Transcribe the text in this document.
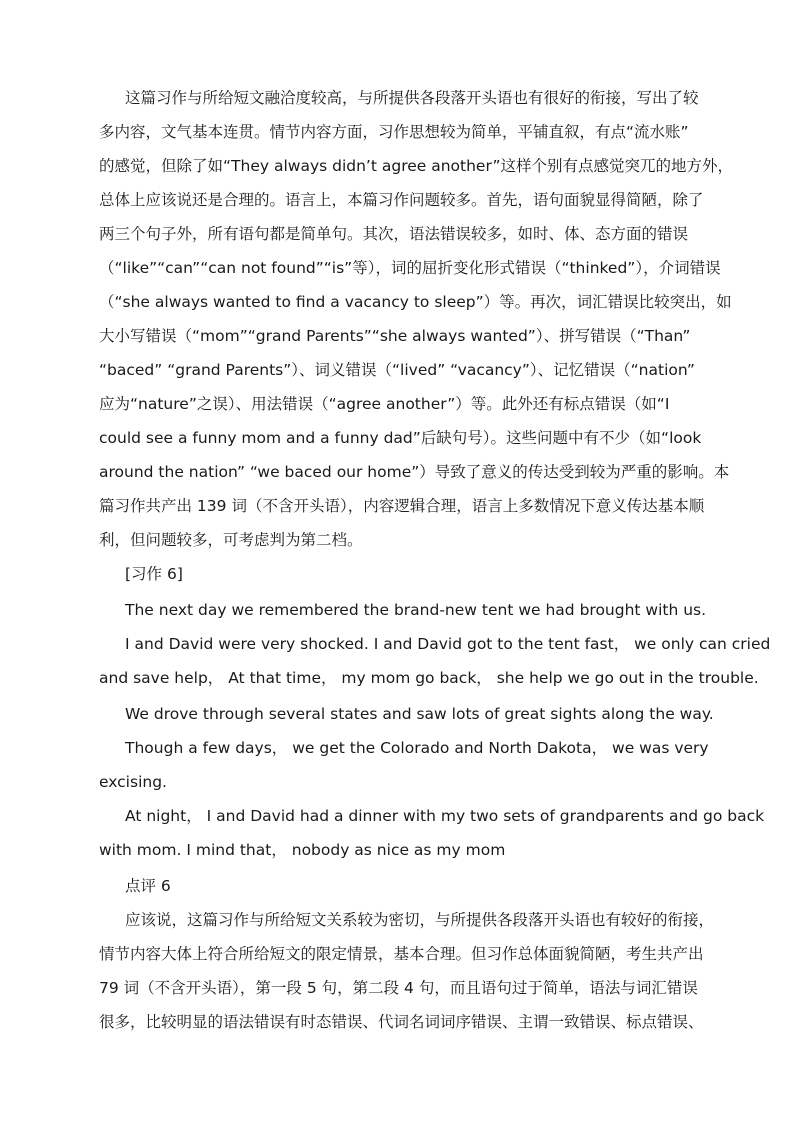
这篇习作与所给短文融洽度较高，与所提供各段落开头语也有很好的衔接，写出了较
多内容，文气基本连贯。情节内容方面，习作思想较为简单，平铺直叙，有点“流水账”
的感觉，但除了如“They always didn’t agree another”这样个别有点感觉突兀的地方外，
总体上应该说还是合理的。语言上，本篇习作问题较多。首先，语句面貌显得简陋，除了
两三个句子外，所有语句都是简单句。其次，语法错误较多，如时、体、态方面的错误
（“like”“can”“can not found”“is”等），词的屈折变化形式错误（“thinked”），介词错误
（“she always wanted to find a vacancy to sleep”）等。再次，词汇错误比较突出，如
大小写错误（“mom”“grand Parents”“she always wanted”）、拼写错误（“Than”
“baced” “grand Parents”）、词义错误（“lived” “vacancy”）、记忆错误（“nation”
应为“nature”之误）、用法错误（“agree another”）等。此外还有标点错误（如“I
could see a funny mom and a funny dad”后缺句号）。这些问题中有不少（如“look
around the nation” “we baced our home”）导致了意义的传达受到较为严重的影响。本
篇习作共产出 139 词（不含开头语），内容逻辑合理，语言上多数情况下意义传达基本顺
利，但问题较多，可考虑判为第二档。
[习作 6]
The next day we remembered the brand-new tent we had brought with us.
I and David were very shocked. I and David got to the tent fast， we only can cried
and save help， At that time， my mom go back， she help we go out in the trouble.
We drove through several states and saw lots of great sights along the way.
Though a few days， we get the Colorado and North Dakota， we was very
excising.
At night， I and David had a dinner with my two sets of grandparents and go back
with mom. I mind that， nobody as nice as my mom
点评 6
应该说，这篇习作与所给短文关系较为密切，与所提供各段落开头语也有较好的衔接，
情节内容大体上符合所给短文的限定情景，基本合理。但习作总体面貌简陋，考生共产出
79 词（不含开头语），第一段 5 句，第二段 4 句，而且语句过于简单，语法与词汇错误
很多，比较明显的语法错误有时态错误、代词名词词序错误、主谓一致错误、标点错误、
